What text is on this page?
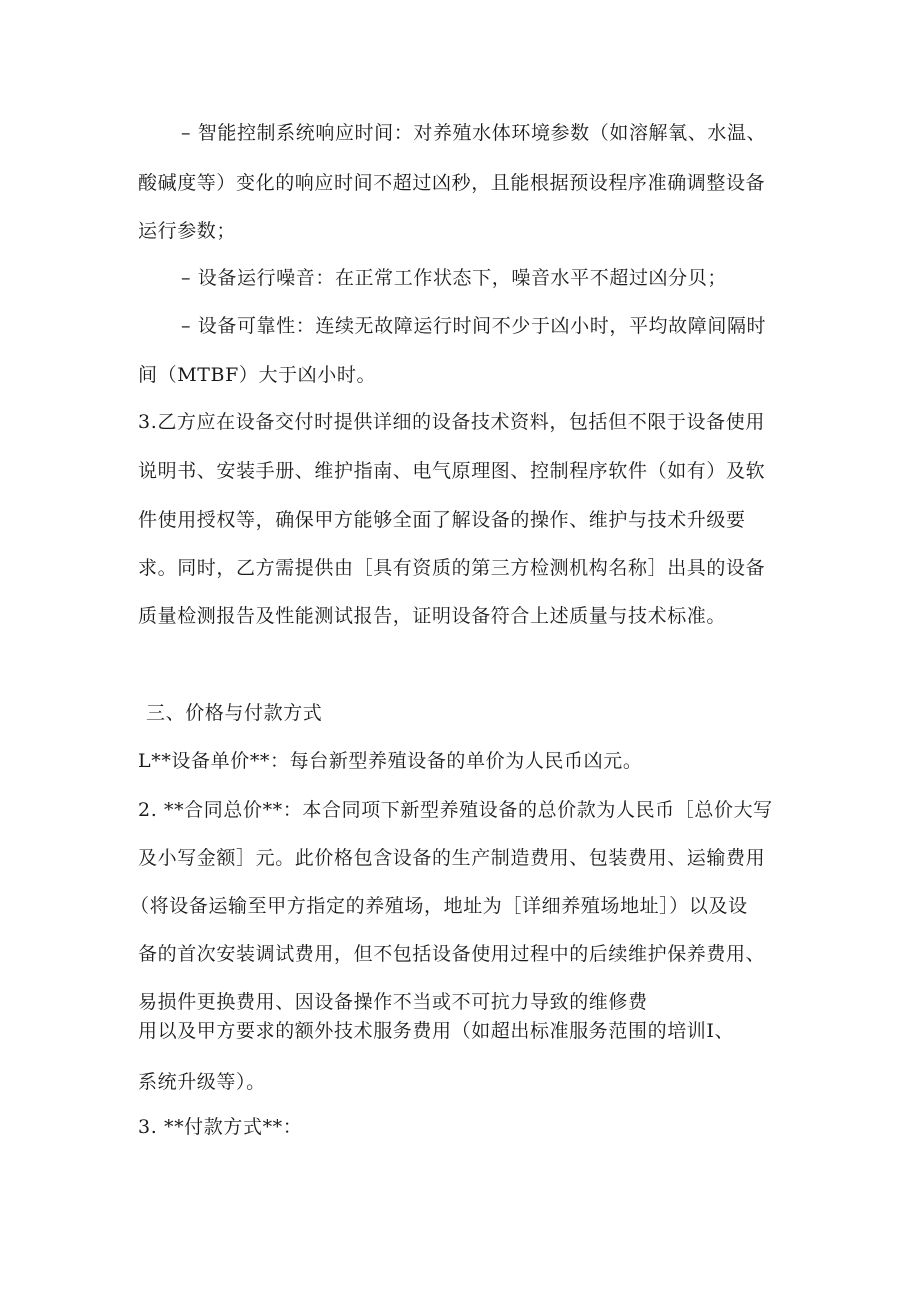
– 智能控制系统响应时间：对养殖水体环境参数（如溶解氧、水温、
酸碱度等）变化的响应时间不超过凶秒，且能根据预设程序准确调整设备
运行参数；
– 设备运行噪音：在正常工作状态下，噪音水平不超过凶分贝；
– 设备可靠性：连续无故障运行时间不少于凶小时，平均故障间隔时
间（MTBF）大于凶小时。
3.乙方应在设备交付时提供详细的设备技术资料，包括但不限于设备使用
说明书、安装手册、维护指南、电气原理图、控制程序软件（如有）及软
件使用授权等，确保甲方能够全面了解设备的操作、维护与技术升级要
求。同时，乙方需提供由［具有资质的第三方检测机构名称］出具的设备
质量检测报告及性能测试报告，证明设备符合上述质量与技术标准。
三、价格与付款方式
L**设备单价**：每台新型养殖设备的单价为人民币凶元。
2. **合同总价**：本合同项下新型养殖设备的总价款为人民币［总价大写
及小写金额］元。此价格包含设备的生产制造费用、包装费用、运输费用
（将设备运输至甲方指定的养殖场，地址为［详细养殖场地址］）以及设
备的首次安装调试费用，但不包括设备使用过程中的后续维护保养费用、
易损件更换费用、因设备操作不当或不可抗力导致的维修费
用以及甲方要求的额外技术服务费用（如超出标准服务范围的培训I、
系统升级等）。
3. **付款方式**：
